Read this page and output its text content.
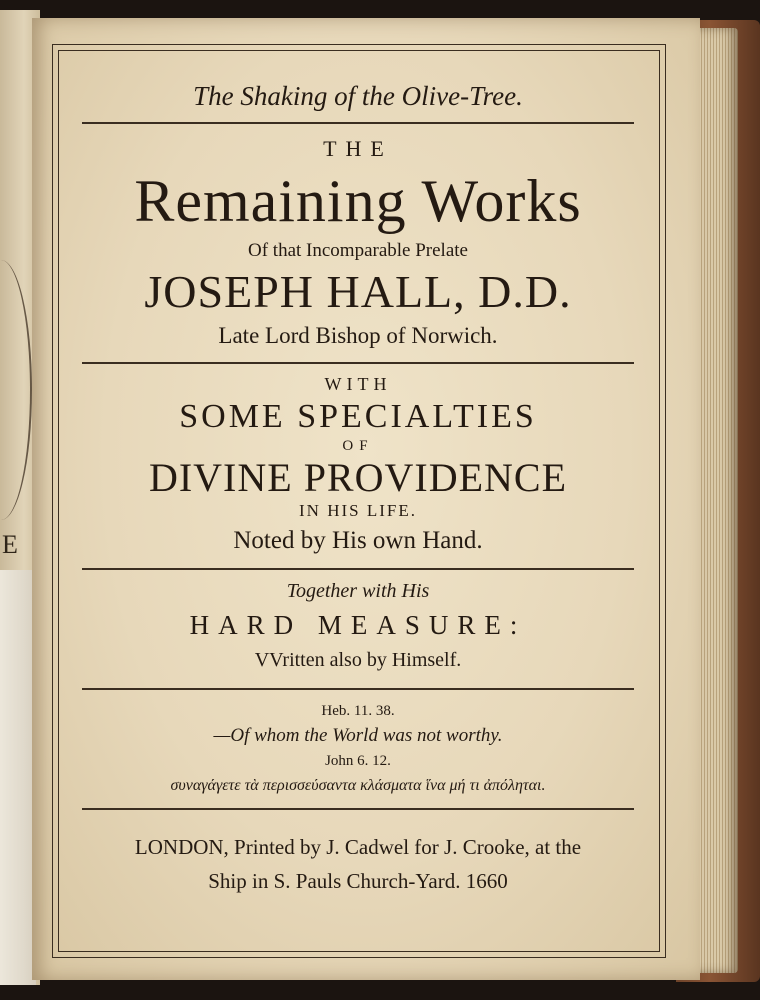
E
The Shaking of the Olive-Tree.
THE
Remaining Works
Of that Incomparable Prelate
JOSEPH HALL, D.D.
Late Lord Bishop of Norwich.
WITH
SOME SPECIALTIES
OF
DIVINE PROVIDENCE
IN HIS LIFE.
Noted by His own Hand.
Together with His
HARD MEASURE:
VVritten also by Himself.
Heb. 11. 38.
—Of whom the World was not worthy.
John 6. 12.
συναγάγετε τὰ περισσεύσαντα κλάσματα ἵνα μή τι ἀπόληται.
LONDON, Printed by J. Cadwel for J. Crooke, at the
Ship in S. Pauls Church-Yard. 1660
